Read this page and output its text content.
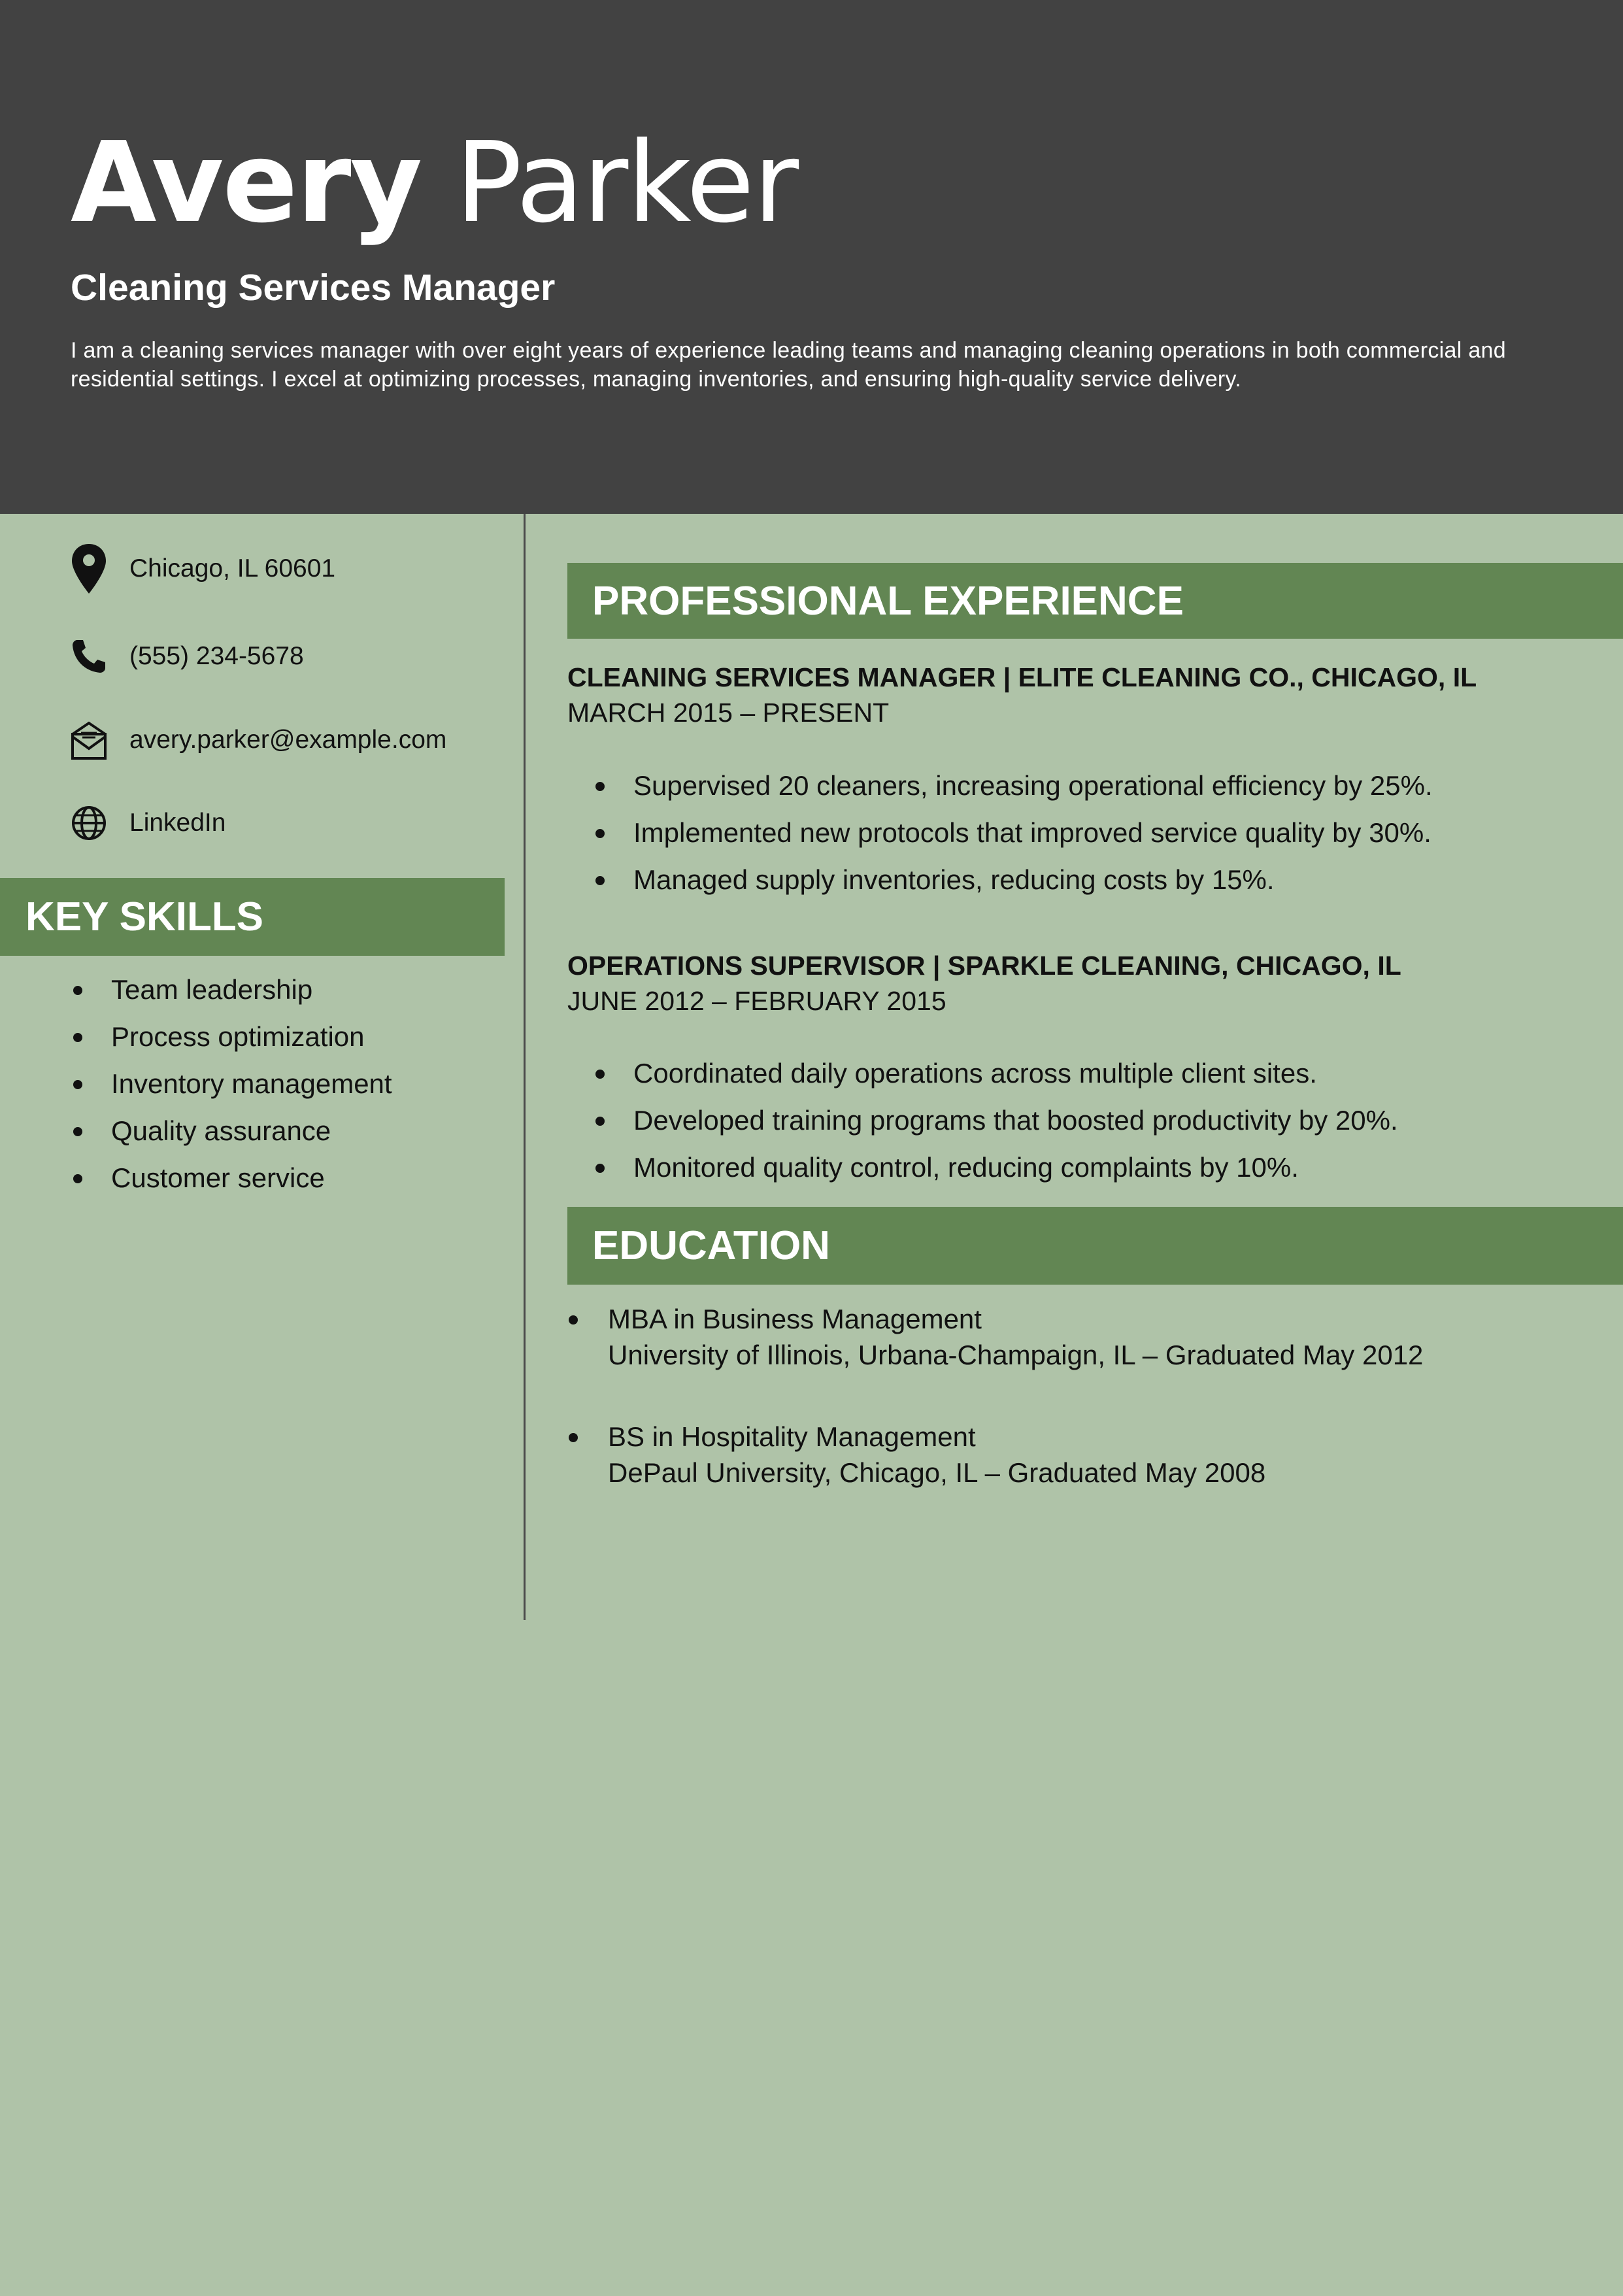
Avery Parker
Cleaning Services Manager
I am a cleaning services manager with over eight years of experience leading teams and managing cleaning operations in both commercial and residential settings. I excel at optimizing processes, managing inventories, and ensuring high-quality service delivery.
Chicago, IL 60601
(555) 234-5678
avery.parker@example.com
LinkedIn
KEY SKILLS
Team leadership
Process optimization
Inventory management
Quality assurance
Customer service
PROFESSIONAL EXPERIENCE
CLEANING SERVICES MANAGER | ELITE CLEANING CO., CHICAGO, IL
MARCH 2015 – PRESENT
Supervised 20 cleaners, increasing operational efficiency by 25%.
Implemented new protocols that improved service quality by 30%.
Managed supply inventories, reducing costs by 15%.
OPERATIONS SUPERVISOR | SPARKLE CLEANING, CHICAGO, IL
JUNE 2012 – FEBRUARY 2015
Coordinated daily operations across multiple client sites.
Developed training programs that boosted productivity by 20%.
Monitored quality control, reducing complaints by 10%.
EDUCATION
MBA in Business Management
University of Illinois, Urbana-Champaign, IL – Graduated May 2012
BS in Hospitality Management
DePaul University, Chicago, IL – Graduated May 2008
